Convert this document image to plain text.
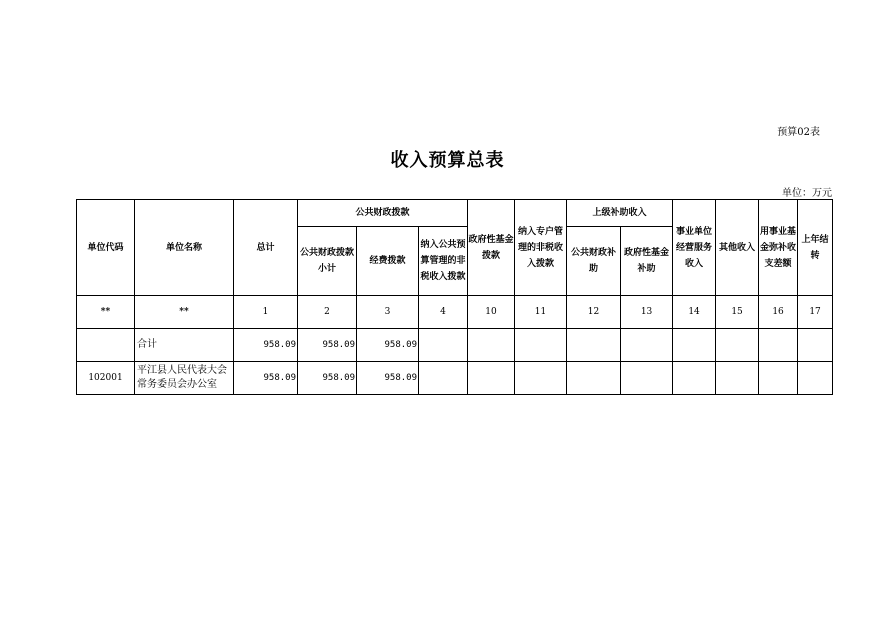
预算02表
收入预算总表
单位：万元
单位代码	单位名称	总计	公共财政拨款			政府性基金拨款	纳入专户管理的非税收入拨款	上级补助收入		事业单位经营服务收入	其他收入	用事业基金弥补收支差额	上年结转
			公共财政拨款小计	经费拨款	纳入公共预算管理的非税收入拨款			公共财政补助	政府性基金补助				
**	**	1	2	3	4	10	11	12	13	14	15	16	17
	合计	958.09	958.09	958.09									
102001	平江县人民代表大会常务委员会办公室	958.09	958.09	958.09									
